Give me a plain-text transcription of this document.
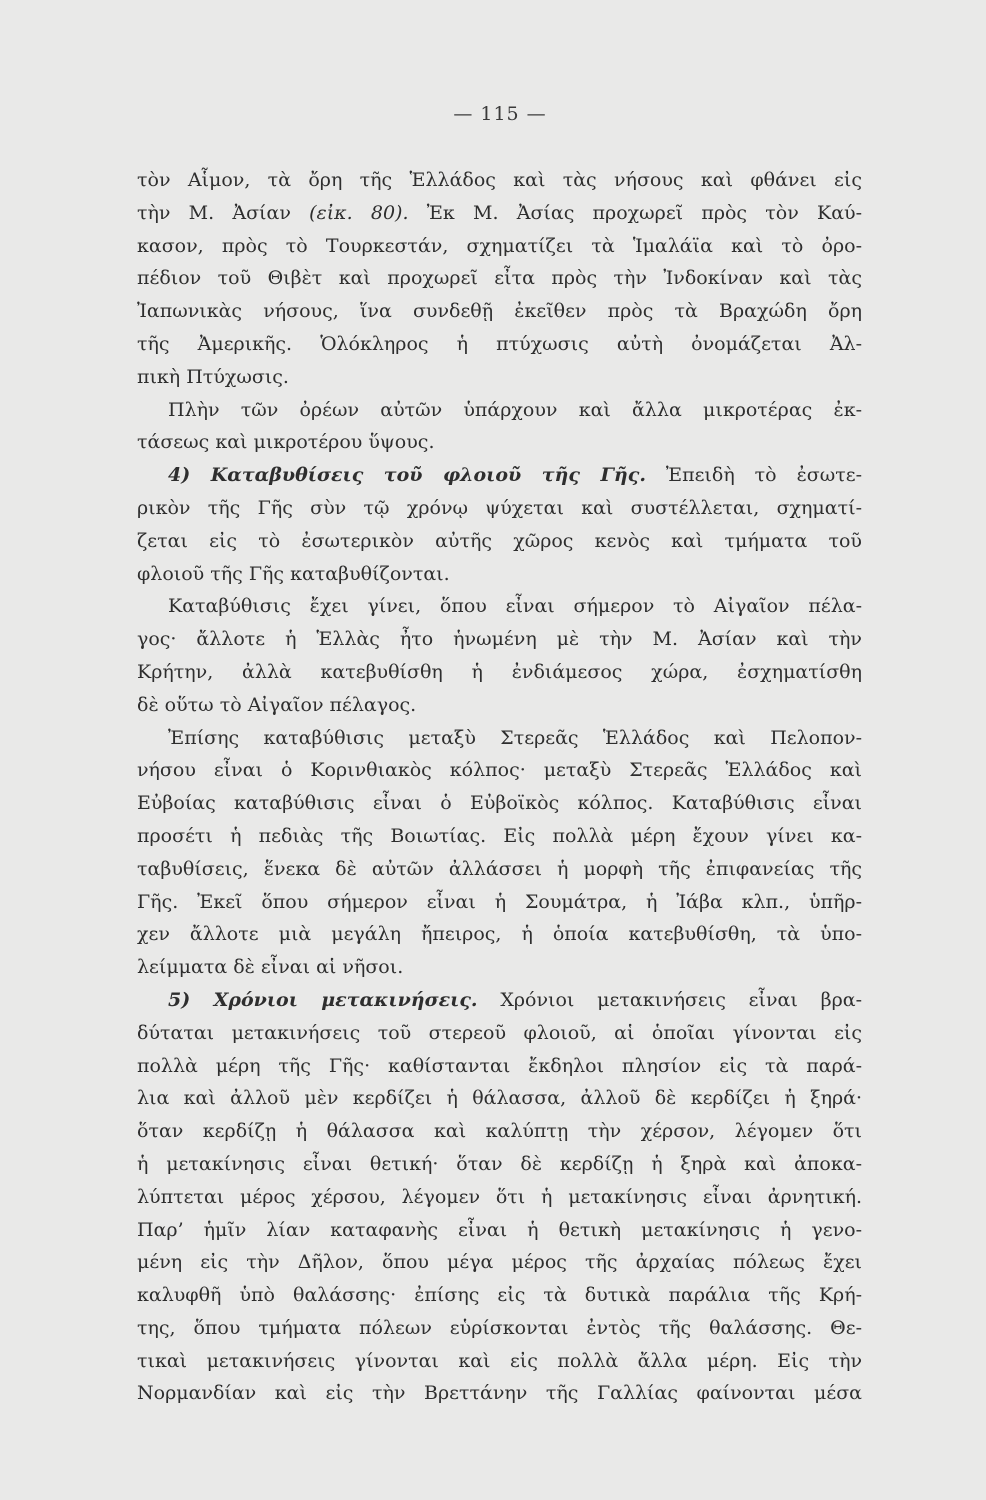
— 115 —
τὸν Αἷμον, τὰ ὄρη τῆς Ἑλλάδος καὶ τὰς νήσους καὶ φθάνει εἰς
τὴν Μ. Ἀσίαν (εἰκ. 80). Ἐκ Μ. Ἀσίας προχωρεῖ πρὸς τὸν Καύ-
κασον, πρὸς τὸ Τουρκεστάν, σχηματίζει τὰ Ἱμαλάϊα καὶ τὸ ὀρο-
πέδιον τοῦ Θιβὲτ καὶ προχωρεῖ εἶτα πρὸς τὴν Ἰνδοκίναν καὶ τὰς
Ἰαπωνικὰς νήσους, ἵνα συνδεθῇ ἐκεῖθεν πρὸς τὰ Βραχώδη ὄρη
τῆς Ἀμερικῆς. Ὁλόκληρος ἡ πτύχωσις αὐτὴ ὀνομάζεται Ἀλ-
πικὴ Πτύχωσις.
Πλὴν τῶν ὀρέων αὐτῶν ὑπάρχουν καὶ ἄλλα μικροτέρας ἐκ-
τάσεως καὶ μικροτέρου ὕψους.
4) Καταβυθίσεις τοῦ φλοιοῦ τῆς Γῆς. Ἐπειδὴ τὸ ἐσωτε-
ρικὸν τῆς Γῆς σὺν τῷ χρόνῳ ψύχεται καὶ συστέλλεται, σχηματί-
ζεται εἰς τὸ ἐσωτερικὸν αὐτῆς χῶρος κενὸς καὶ τμήματα τοῦ
φλοιοῦ τῆς Γῆς καταβυθίζονται.
Καταβύθισις ἔχει γίνει, ὅπου εἶναι σήμερον τὸ Αἰγαῖον πέλα-
γος· ἄλλοτε ἡ Ἑλλὰς ἦτο ἡνωμένη μὲ τὴν Μ. Ἀσίαν καὶ τὴν
Κρήτην, ἀλλὰ κατεβυθίσθη ἡ ἐνδιάμεσος χώρα, ἐσχηματίσθη
δὲ οὕτω τὸ Αἰγαῖον πέλαγος.
Ἐπίσης καταβύθισις μεταξὺ Στερεᾶς Ἑλλάδος καὶ Πελοπον-
νήσου εἶναι ὁ Κορινθιακὸς κόλπος· μεταξὺ Στερεᾶς Ἑλλάδος καὶ
Εὐβοίας καταβύθισις εἶναι ὁ Εὐβοϊκὸς κόλπος. Καταβύθισις εἶναι
προσέτι ἡ πεδιὰς τῆς Βοιωτίας. Εἰς πολλὰ μέρη ἔχουν γίνει κα-
ταβυθίσεις, ἕνεκα δὲ αὐτῶν ἀλλάσσει ἡ μορφὴ τῆς ἐπιφανείας τῆς
Γῆς. Ἐκεῖ ὅπου σήμερον εἶναι ἡ Σουμάτρα, ἡ Ἰάβα κλπ., ὑπῆρ-
χεν ἄλλοτε μιὰ μεγάλη ἤπειρος, ἡ ὁποία κατεβυθίσθη, τὰ ὑπο-
λείμματα δὲ εἶναι αἱ νῆσοι.
5) Χρόνιοι μετακινήσεις. Χρόνιοι μετακινήσεις εἶναι βρα-
δύταται μετακινήσεις τοῦ στερεοῦ φλοιοῦ, αἱ ὁποῖαι γίνονται εἰς
πολλὰ μέρη τῆς Γῆς· καθίστανται ἔκδηλοι πλησίον εἰς τὰ παρά-
λια καὶ ἀλλοῦ μὲν κερδίζει ἡ θάλασσα, ἀλλοῦ δὲ κερδίζει ἡ ξηρά·
ὅταν κερδίζῃ ἡ θάλασσα καὶ καλύπτῃ τὴν χέρσον, λέγομεν ὅτι
ἡ μετακίνησις εἶναι θετική· ὅταν δὲ κερδίζῃ ἡ ξηρὰ καὶ ἀποκα-
λύπτεται μέρος χέρσου, λέγομεν ὅτι ἡ μετακίνησις εἶναι ἀρνητική.
Παρ’ ἡμῖν λίαν καταφανὴς εἶναι ἡ θετικὴ μετακίνησις ἡ γενο-
μένη εἰς τὴν Δῆλον, ὅπου μέγα μέρος τῆς ἀρχαίας πόλεως ἔχει
καλυφθῆ ὑπὸ θαλάσσης· ἐπίσης εἰς τὰ δυτικὰ παράλια τῆς Κρή-
της, ὅπου τμήματα πόλεων εὑρίσκονται ἐντὸς τῆς θαλάσσης. Θε-
τικαὶ μετακινήσεις γίνονται καὶ εἰς πολλὰ ἄλλα μέρη. Εἰς τὴν
Νορμανδίαν καὶ εἰς τὴν Βρεττάνην τῆς Γαλλίας φαίνονται μέσα
